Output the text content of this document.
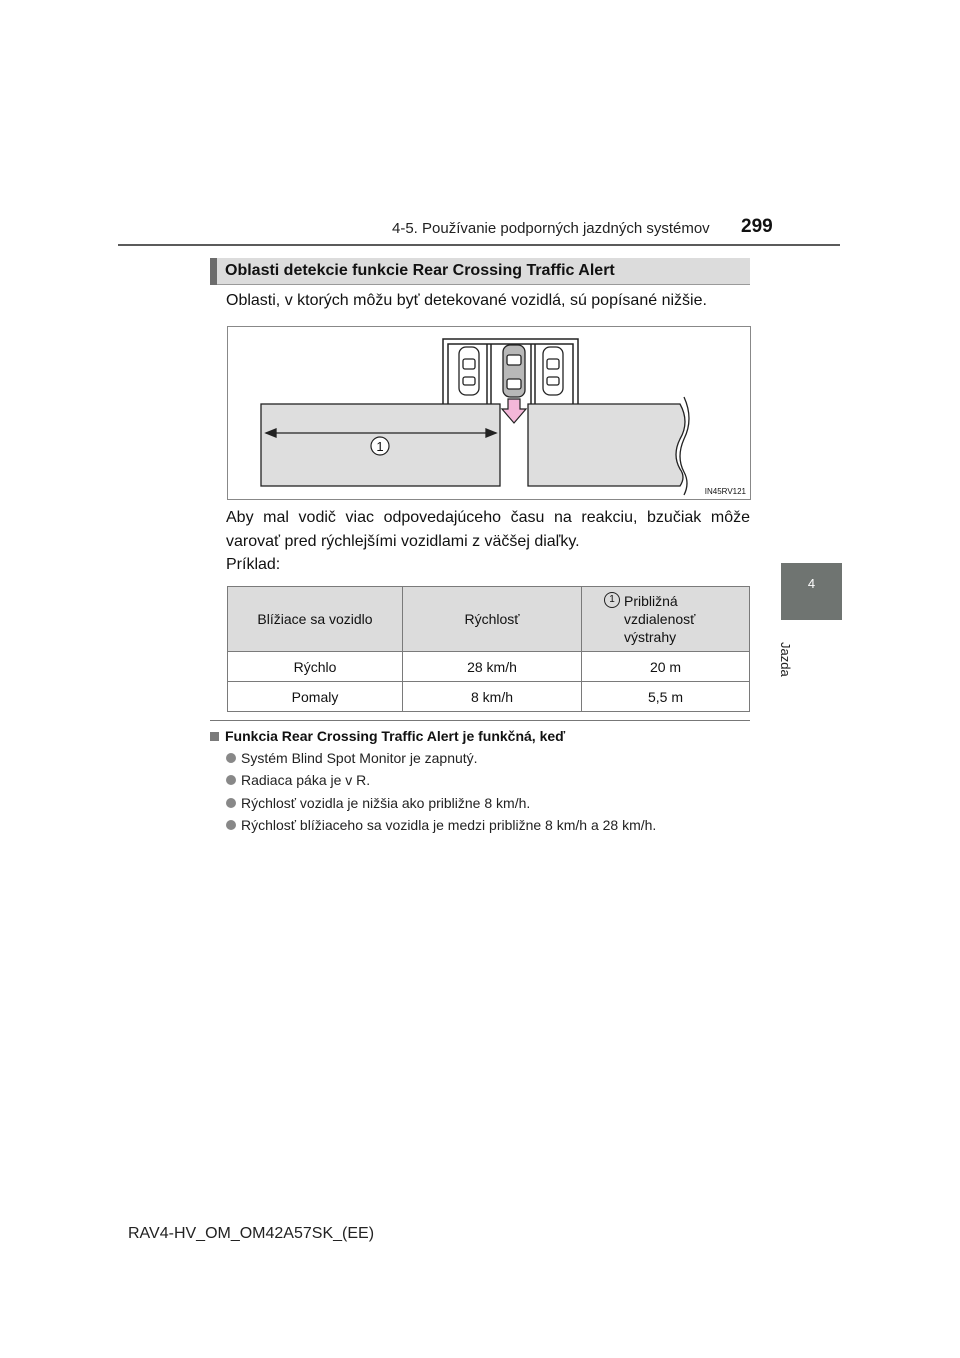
4-5. Používanie podporných jazdných systémov 299
4
Jazda
Oblasti detekcie funkcie Rear Crossing Traffic Alert
Oblasti, v ktorých môžu byť detekované vozidlá, sú popísané nižšie.
1
IN45RV121
Aby mal vodič viac odpovedajúceho času na reakciu, bzučiak môže varovať pred rýchlejšími vozidlami z väčšej diaľky.
Príklad:
Blížiace sa vozidlo	Rýchlosť	1 Približná
vzdialenosť
výstrahy

Rýchlo	28 km/h	20 m
Pomaly	8 km/h	5,5 m
Funkcia Rear Crossing Traffic Alert je funkčná, keď
Systém Blind Spot Monitor je zapnutý.
Radiaca páka je v R.
Rýchlosť vozidla je nižšia ako približne 8 km/h.
Rýchlosť blížiaceho sa vozidla je medzi približne 8 km/h a 28 km/h.
RAV4-HV_OM_OM42A57SK_(EE)
